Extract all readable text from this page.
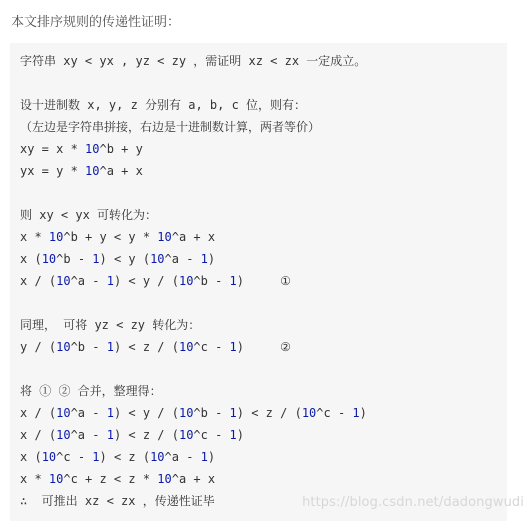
本文排序规则的传递性证明：
字符串 xy < yx , yz < zy ，需证明 xz < zx 一定成立。
设十进制数 x, y, z 分别有 a, b, c 位，则有：
（左边是字符串拼接，右边是十进制数计算，两者等价）
xy = x * 10^b + y
yx = y * 10^a + x
则 xy < yx 可转化为：
x * 10^b + y < y * 10^a + x
x (10^b - 1) < y (10^a - 1)
x / (10^a - 1) < y / (10^b - 1)     ①
同理， 可将 yz < zy 转化为：
y / (10^b - 1) < z / (10^c - 1)     ②
将 ① ② 合并，整理得：
x / (10^a - 1) < y / (10^b - 1) < z / (10^c - 1)
x / (10^a - 1) < z / (10^c - 1)
x (10^c - 1) < z (10^a - 1)
x * 10^c + z < z * 10^a + x
∴  可推出 xz < zx ，传递性证毕	https://blog.csdn.net/dadongwudi
